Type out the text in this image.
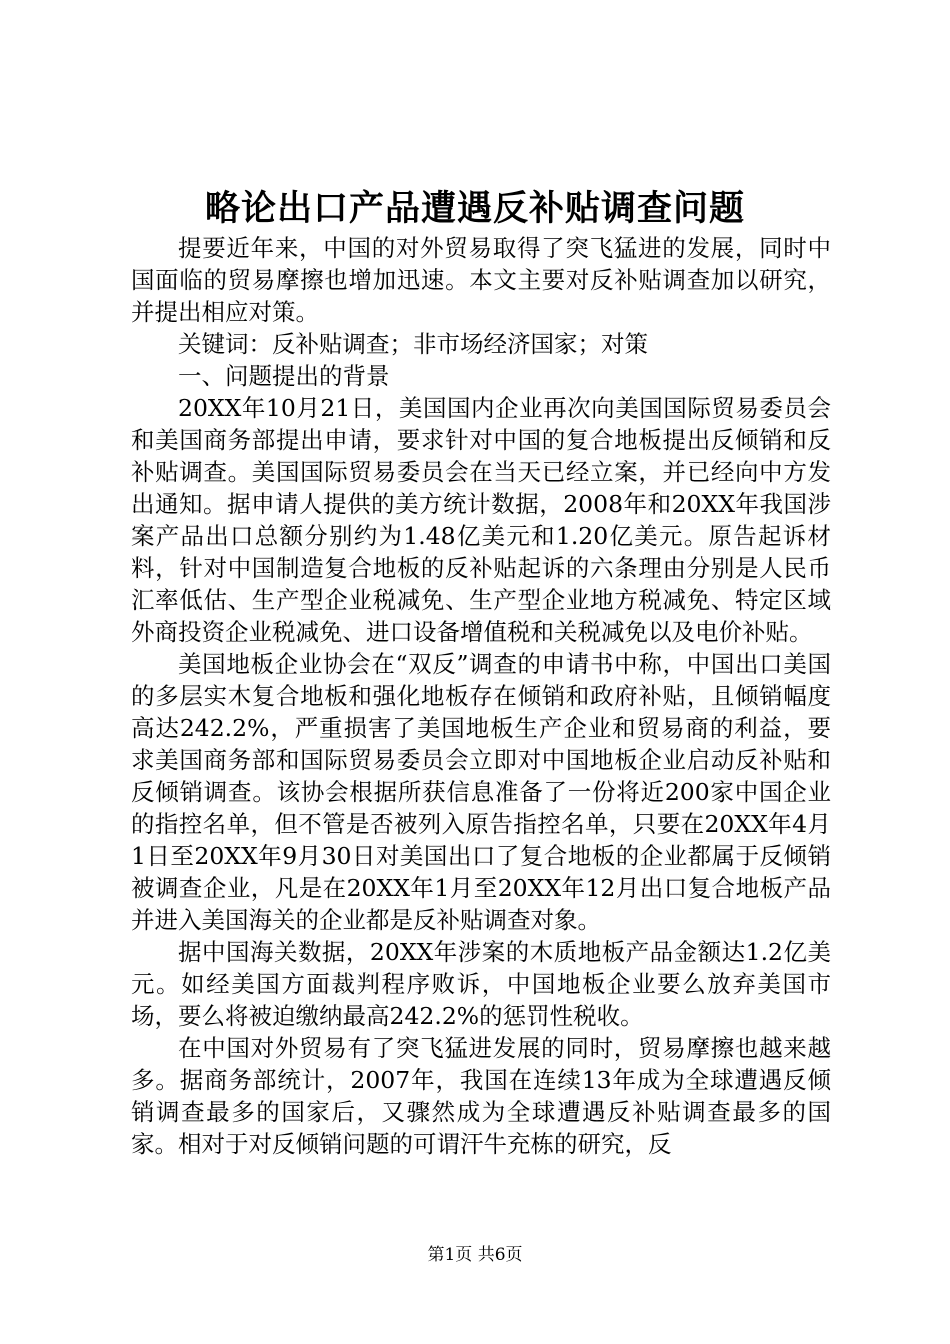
略论出口产品遭遇反补贴调查问题

提要近年来，中国的对外贸易取得了突飞猛进的发展，同时中国面临的贸易摩擦也增加迅速。本文主要对反补贴调查加以研究，并提出相应对策。

关键词：反补贴调查；非市场经济国家；对策

一、问题提出的背景

20XX年10月21日，美国国内企业再次向美国国际贸易委员会和美国商务部提出申请，要求针对中国的复合地板提出反倾销和反补贴调查。美国国际贸易委员会在当天已经立案，并已经向中方发出通知。据申请人提供的美方统计数据，2008年和20XX年我国涉案产品出口总额分别约为1.48亿美元和1.20亿美元。原告起诉材料，针对中国制造复合地板的反补贴起诉的六条理由分别是人民币汇率低估、生产型企业税减免、生产型企业地方税减免、特定区域外商投资企业税减免、进口设备增值税和关税减免以及电价补贴。

美国地板企业协会在“双反”调查的申请书中称，中国出口美国的多层实木复合地板和强化地板存在倾销和政府补贴，且倾销幅度高达242.2%，严重损害了美国地板生产企业和贸易商的利益，要求美国商务部和国际贸易委员会立即对中国地板企业启动反补贴和反倾销调查。该协会根据所获信息准备了一份将近200家中国企业的指控名单，但不管是否被列入原告指控名单，只要在20XX年4月1日至20XX年9月30日对美国出口了复合地板的企业都属于反倾销被调查企业，凡是在20XX年1月至20XX年12月出口复合地板产品并进入美国海关的企业都是反补贴调查对象。

据中国海关数据，20XX年涉案的木质地板产品金额达1.2亿美元。如经美国方面裁判程序败诉，中国地板企业要么放弃美国市场，要么将被迫缴纳最高242.2%的惩罚性税收。

在中国对外贸易有了突飞猛进发展的同时，贸易摩擦也越来越多。据商务部统计，2007年，我国在连续13年成为全球遭遇反倾销调查最多的国家后，又骤然成为全球遭遇反补贴调查最多的国家。相对于对反倾销问题的可谓汗牛充栋的研究，反

第1页 共6页
